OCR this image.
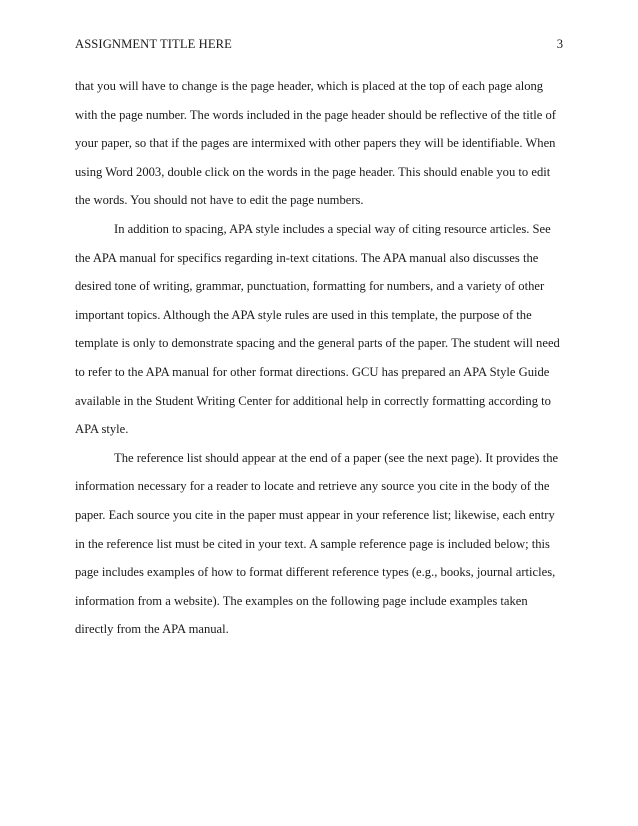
ASSIGNMENT TITLE HERE	3
that you will have to change is the page header, which is placed at the top of each page along
with the page number. The words included in the page header should be reflective of the title of
your paper, so that if the pages are intermixed with other papers they will be identifiable. When
using Word 2003, double click on the words in the page header. This should enable you to edit
the words. You should not have to edit the page numbers.
In addition to spacing, APA style includes a special way of citing resource articles. See
the APA manual for specifics regarding in-text citations. The APA manual also discusses the
desired tone of writing, grammar, punctuation, formatting for numbers, and a variety of other
important topics. Although the APA style rules are used in this template, the purpose of the
template is only to demonstrate spacing and the general parts of the paper. The student will need
to refer to the APA manual for other format directions. GCU has prepared an APA Style Guide
available in the Student Writing Center for additional help in correctly formatting according to
APA style.
The reference list should appear at the end of a paper (see the next page). It provides the
information necessary for a reader to locate and retrieve any source you cite in the body of the
paper. Each source you cite in the paper must appear in your reference list; likewise, each entry
in the reference list must be cited in your text. A sample reference page is included below; this
page includes examples of how to format different reference types (e.g., books, journal articles,
information from a website). The examples on the following page include examples taken
directly from the APA manual.
